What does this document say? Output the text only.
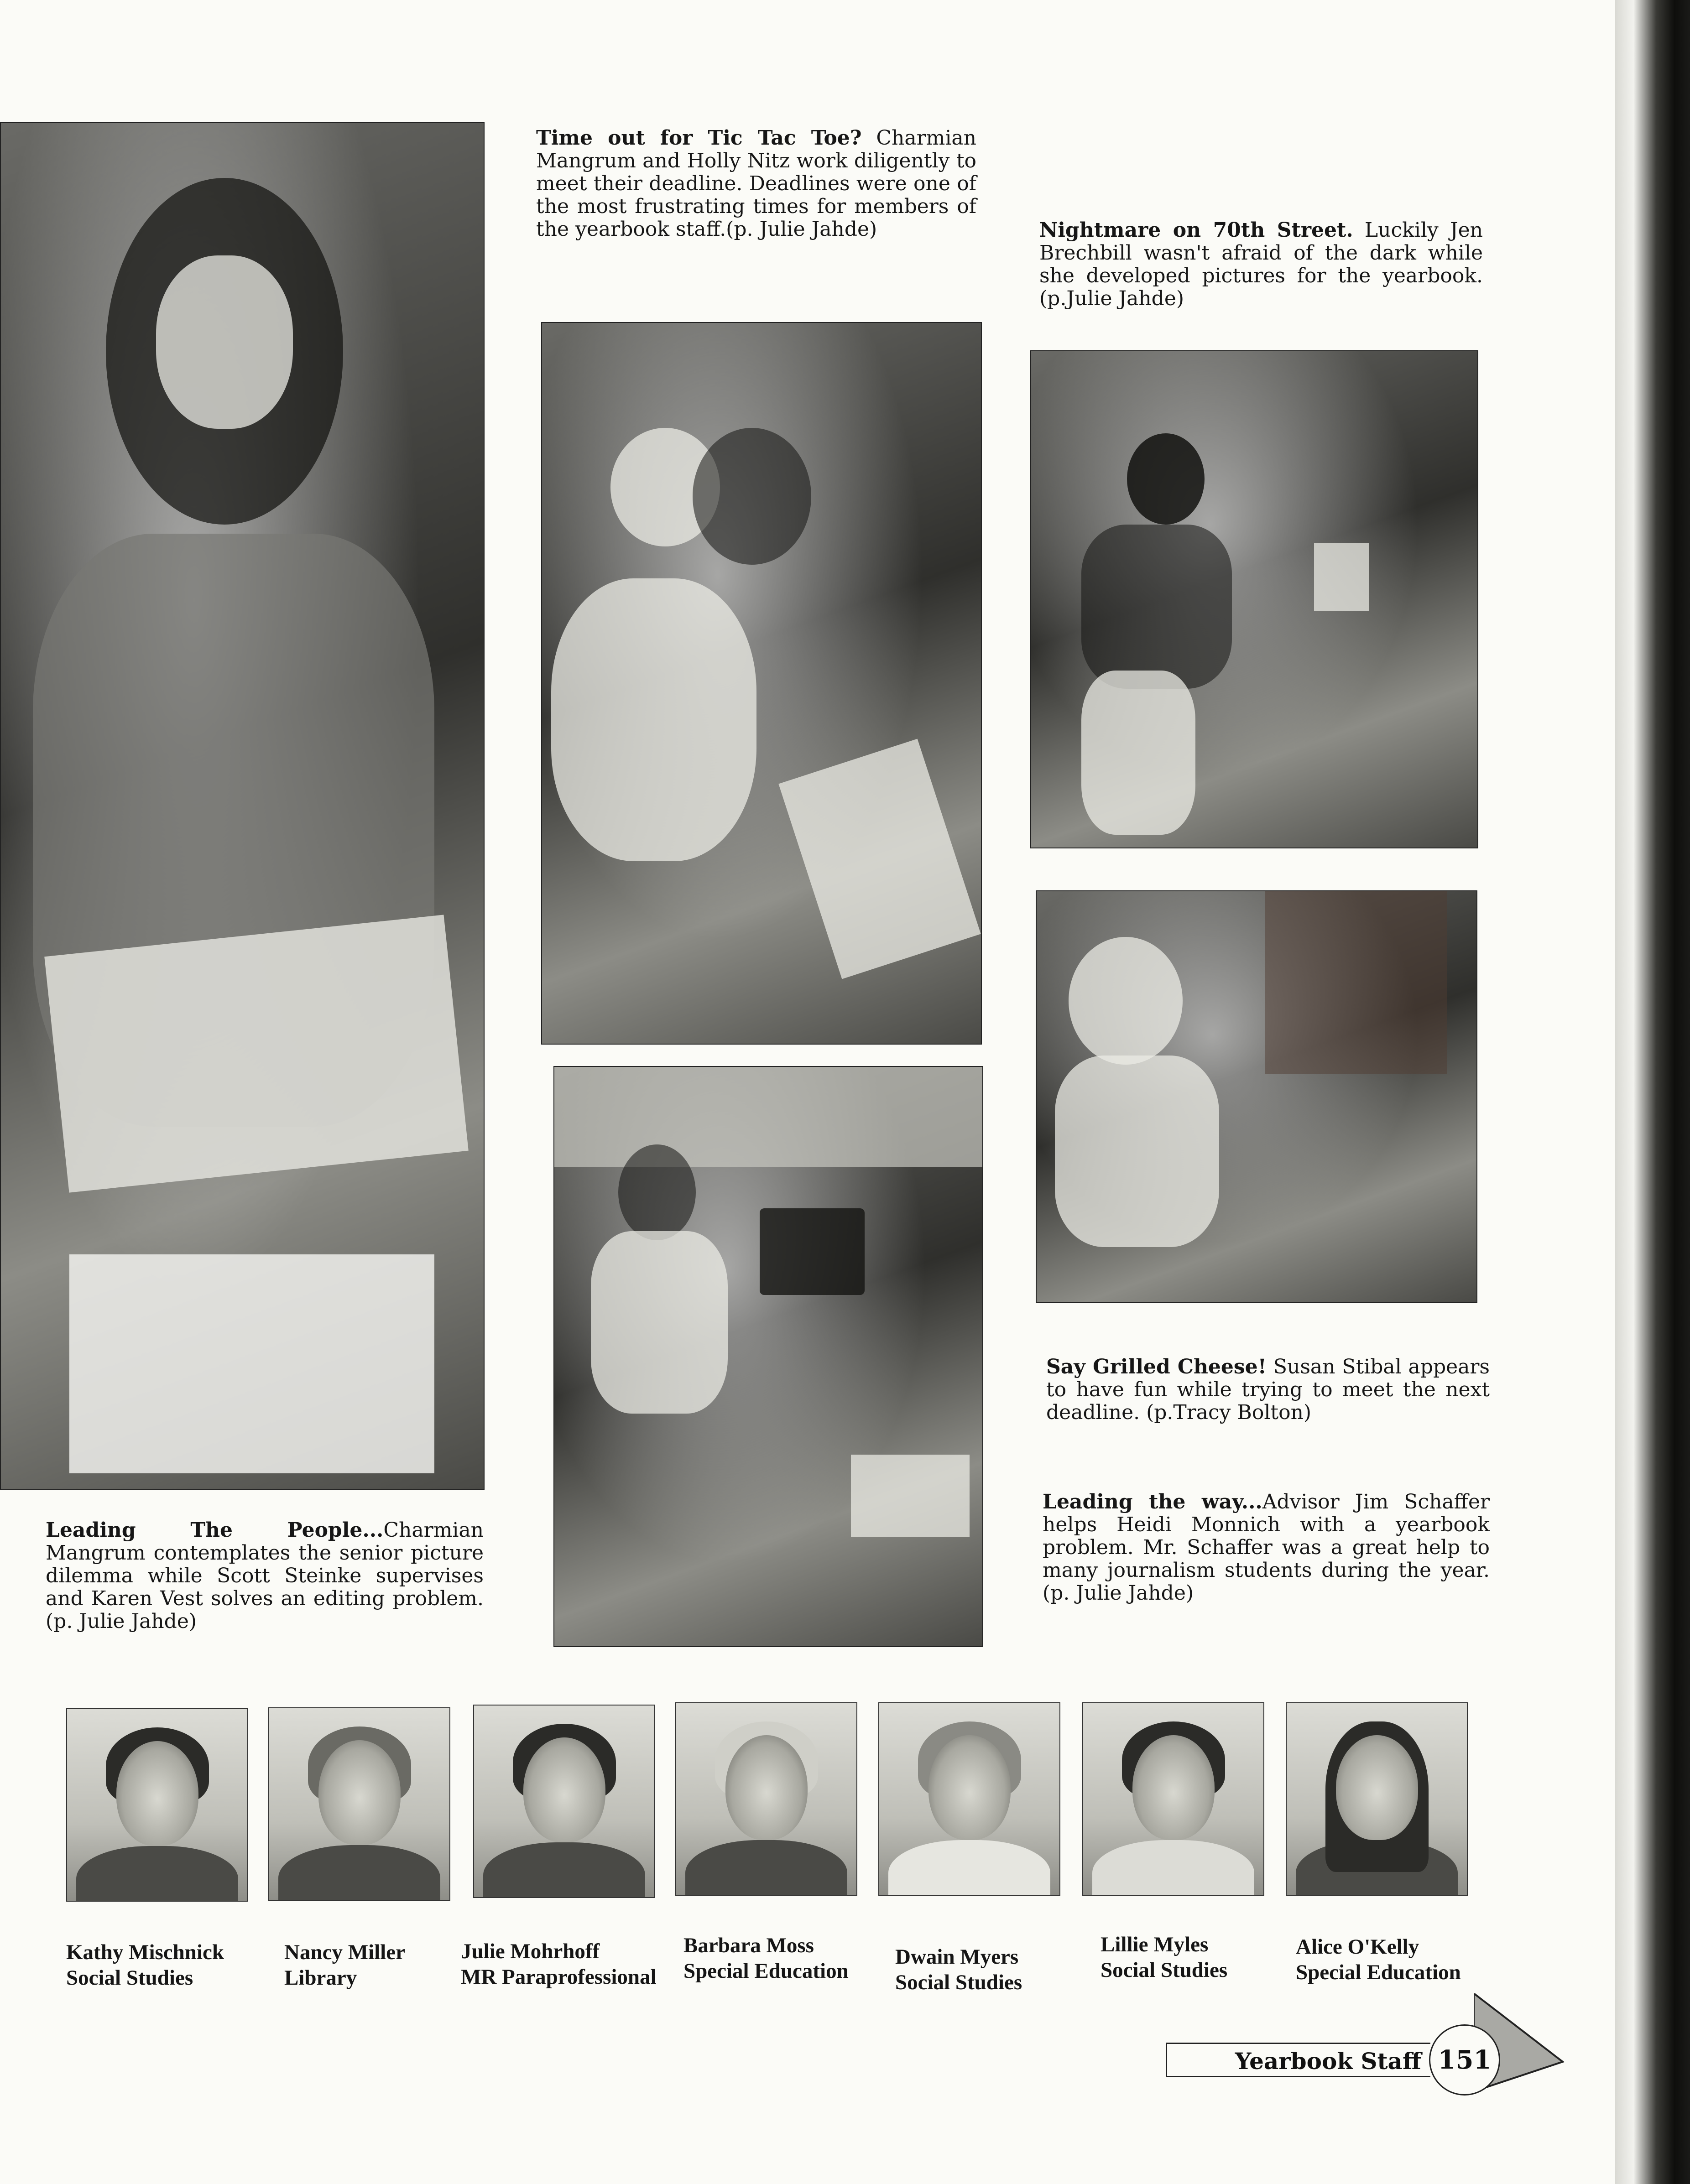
Time out for Tic Tac Toe? Charmian Mangrum and Holly Nitz work diligently to meet their deadline. Deadlines were one of the most frustrating times for members of the yearbook staff.(p. Julie Jahde)	Nightmare on 70th Street. Luckily Jen Brechbill wasn't afraid of the dark while she developed pictures for the yearbook.(p.Julie Jahde)
Say Grilled Cheese! Susan Stibal appears to have fun while trying to meet the next deadline. (p.Tracy Bolton)
Leading The People...Charmian Mangrum contemplates the senior picture dilemma while Scott Steinke supervises and Karen Vest solves an editing problem.(p. Julie Jahde)
Leading the way...Advisor Jim Schaffer helps Heidi Monnich with a yearbook problem. Mr. Schaffer was a great help to many journalism students during the year. (p. Julie Jahde)
Kathy Mischnick
Social Studies
Nancy Miller
Library
Julie Mohrhoff
MR Paraprofessional
Barbara Moss
Special Education
Dwain Myers
Social Studies
Lillie Myles
Social Studies
Alice O'Kelly
Special Education
Yearbook Staff 151
